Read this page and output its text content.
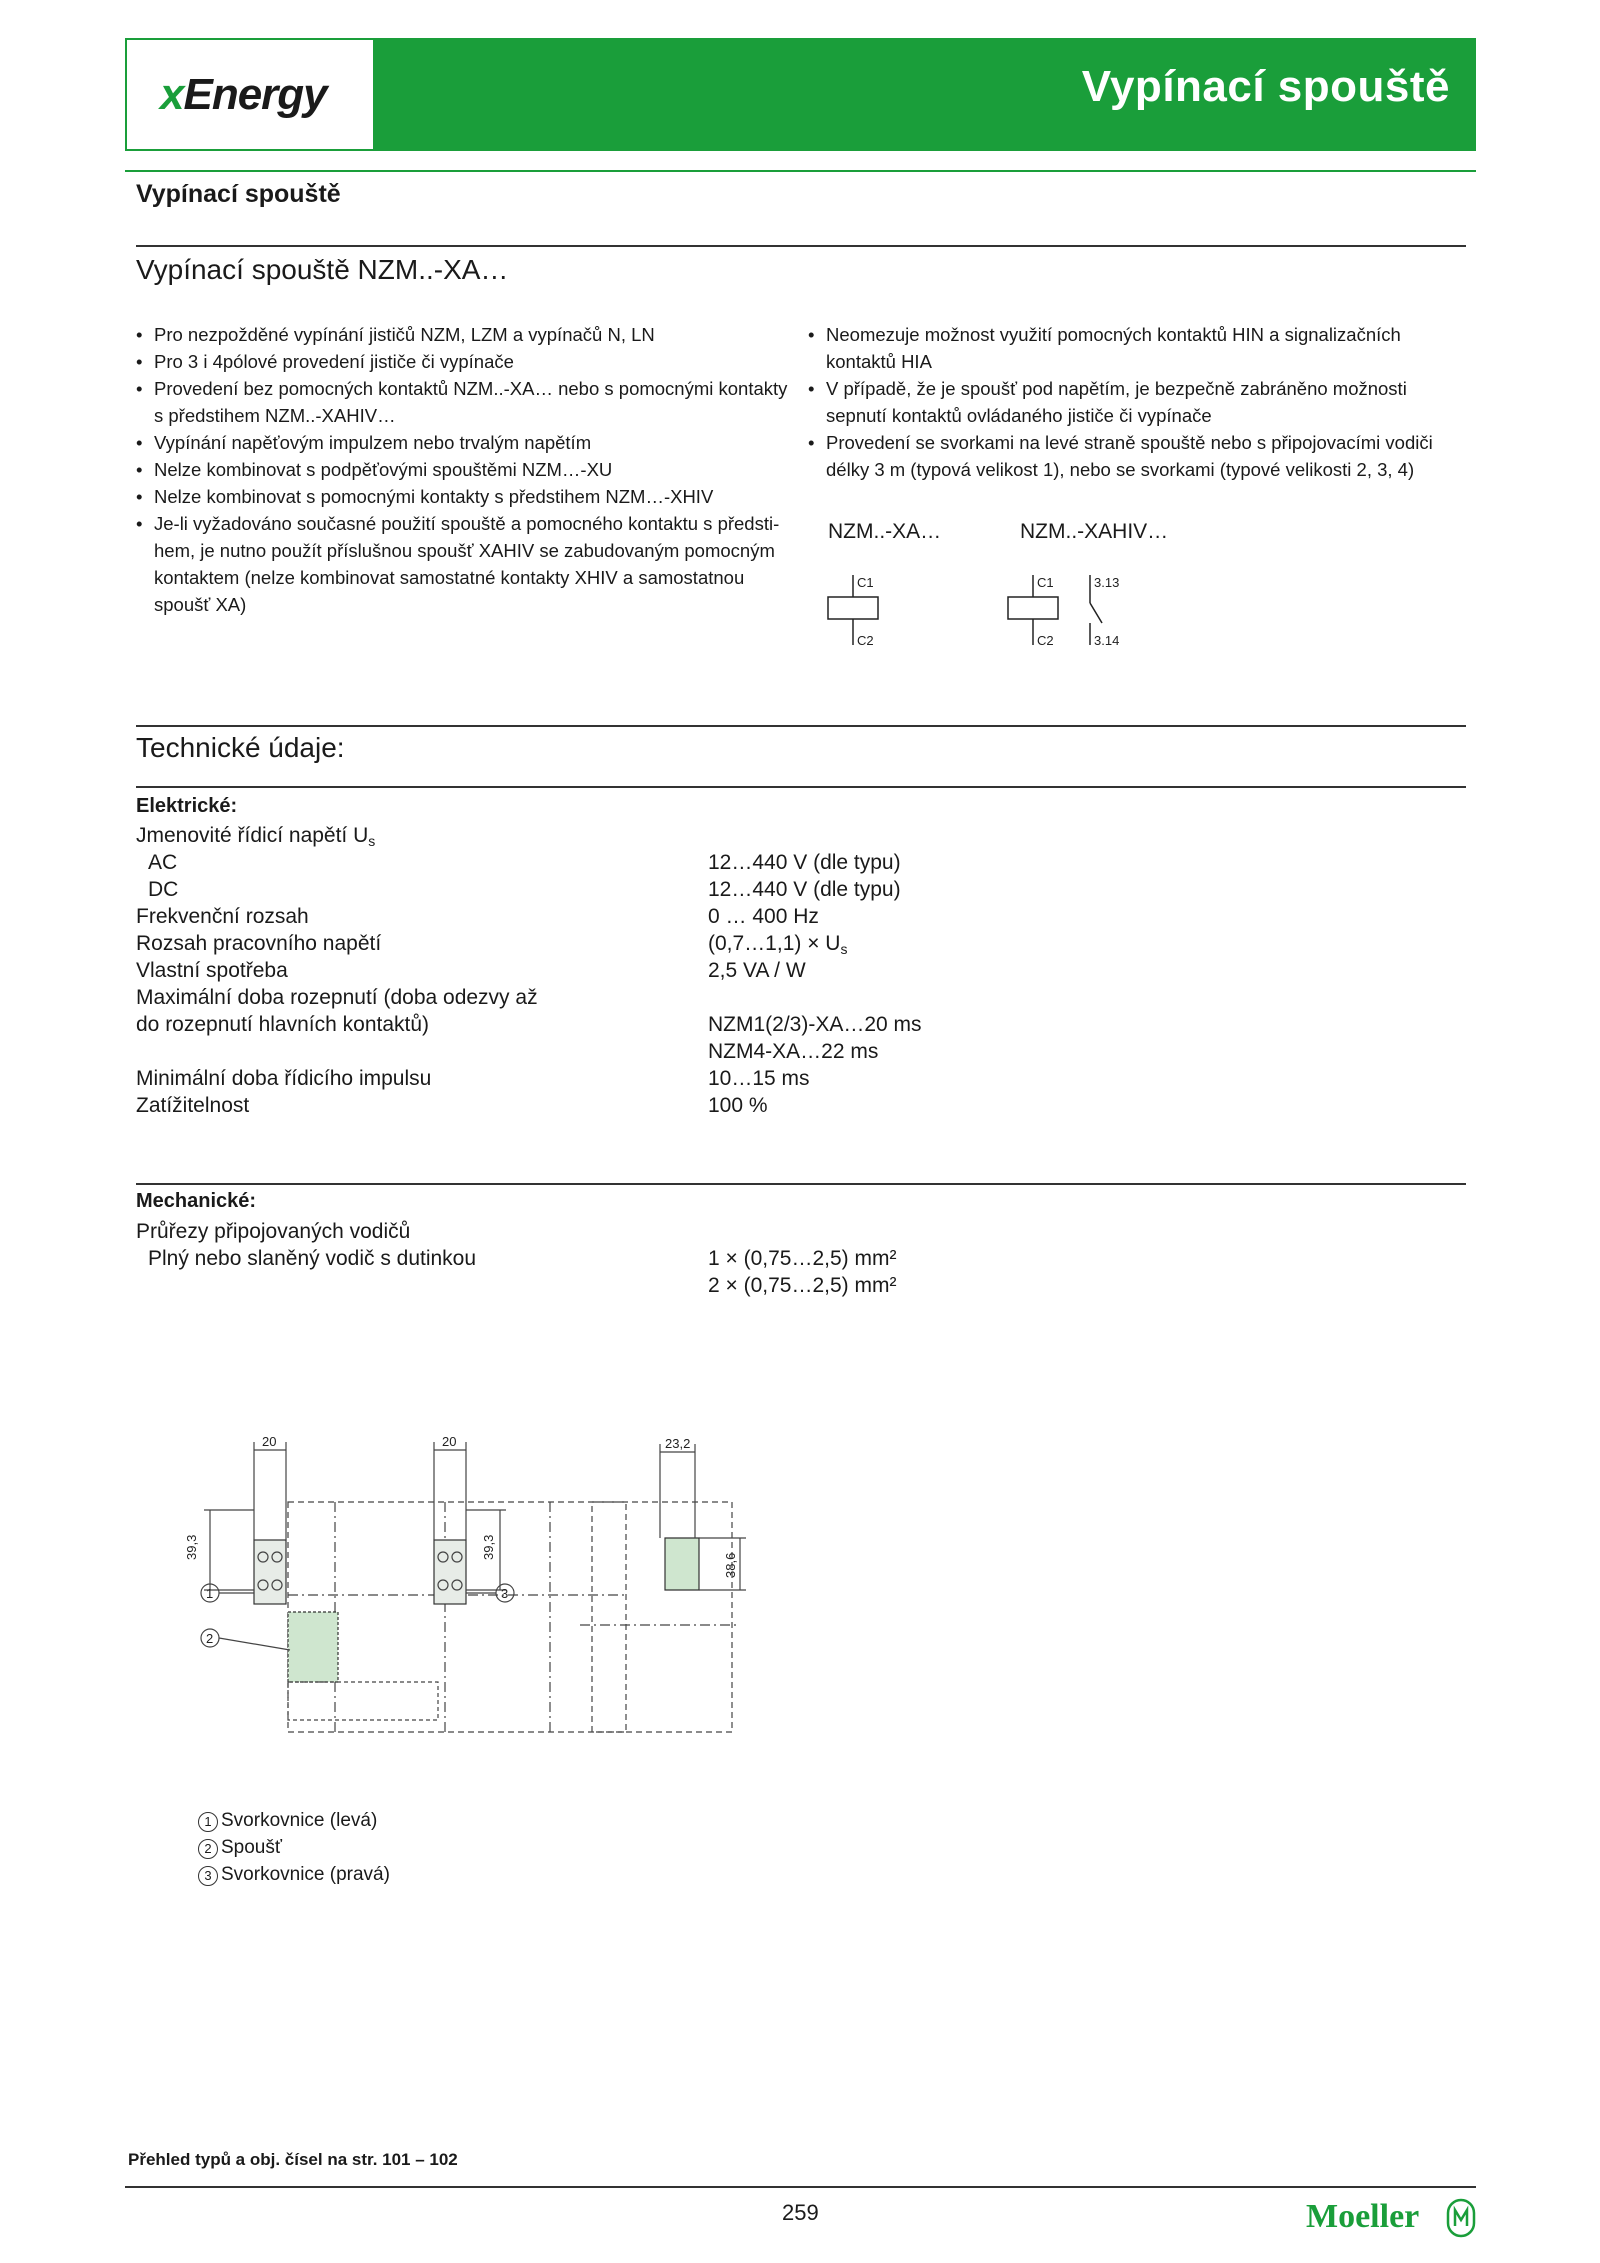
xEnergy	Vypínací spouště
Vypínací spouště
Vypínací spouště NZM..-XA…
• Pro nezpožděné vypínání jističů NZM, LZM a vypínačů N, LN
• Pro 3 i 4pólové provedení jističe či vypínače
• Provedení bez pomocných kontaktů NZM..-XA… nebo s pomocnými kontakty s předstihem NZM..-XAHIV…
• Vypínání napěťovým impulzem nebo trvalým napětím
• Nelze kombinovat s podpěťovými spouštěmi NZM…-XU
• Nelze kombinovat s pomocnými kontakty s předstihem NZM…-XHIV
• Je-li vyžadováno současné použití spouště a pomocného kontaktu s předsti-hem, je nutno použít příslušnou spoušť XAHIV se zabudovaným pomocným kontaktem (nelze kombinovat samostatné kontakty XHIV a samostatnou spoušť XA)
• Neomezuje možnost využití pomocných kontaktů HIN a signalizačních kontaktů HIA
• V případě, že je spoušť pod napětím, je bezpečně zabráněno možnosti sepnutí kontaktů ovládaného jističe či vypínače
• Provedení se svorkami na levé straně spouště nebo s připojovacími vodiči délky 3 m (typová velikost 1), nebo se svorkami (typové velikosti 2, 3, 4)
NZM..-XA…	NZM..-XAHIV…
C1
C2
C1
C2
3.13
3.14
Technické údaje:
Elektrické:
Jmenovité řídicí napětí $U_s$
AC	12…440 V (dle typu)
DC	12…440 V (dle typu)
Frekvenční rozsah	0 … 400 Hz
Rozsah pracovního napětí	(0,7…1,1) × $U_s$
Vlastní spotřeba	2,5 VA / W
Maximální doba rozepnutí (doba odezvy až
do rozepnutí hlavních kontaktů)	NZM1(2/3)-XA…20 ms
NZM4-XA…22 ms
Minimální doba řídicího impulsu	10…15 ms
Zatížitelnost	100 %
Mechanické:
Průřezy připojovaných vodičů
Plný nebo slaněný vodič s dutinkou	1 × (0,75…2,5) mm²
2 × (0,75…2,5) mm²
20	20	23,2
39,3	39,3
38,6
1
2
3
1 Svorkovnice (levá)
2 Spoušť
3 Svorkovnice (pravá)
Přehled typů a obj. čísel na str. 101 – 102
259	Moeller
